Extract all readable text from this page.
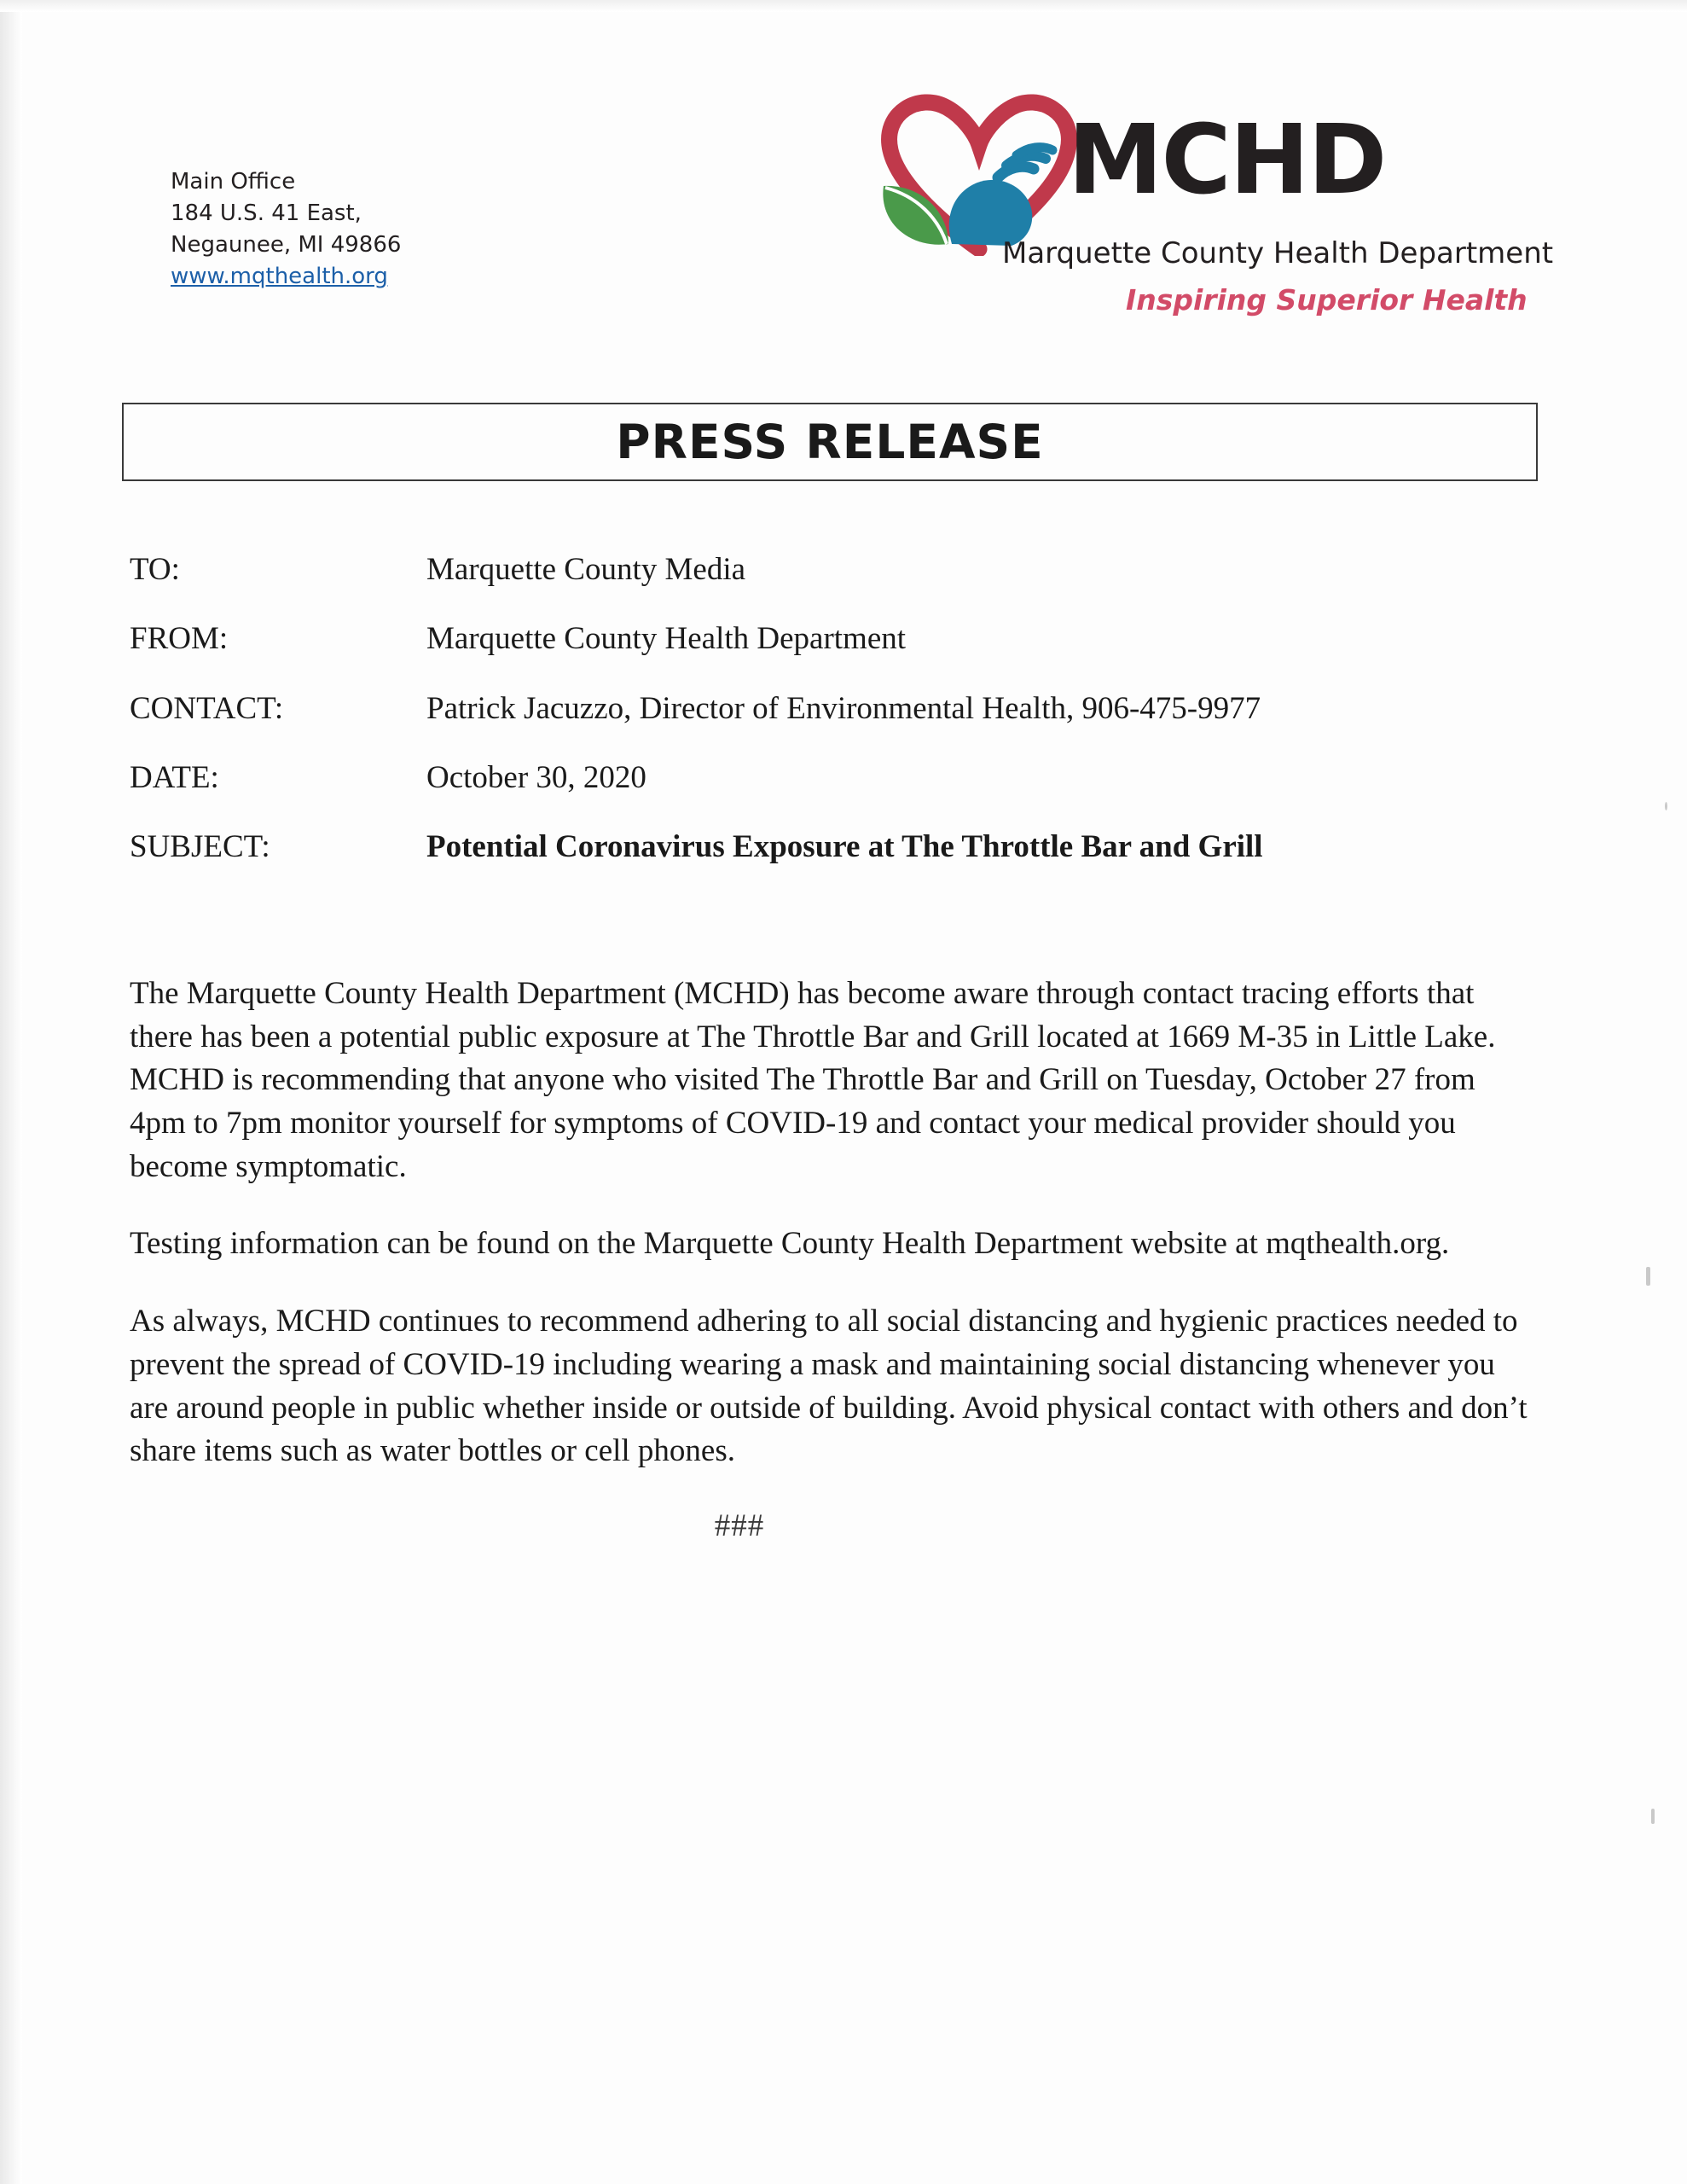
Main Office
184 U.S. 41 East,
Negaunee, MI 49866
www.mqthealth.org
MCHD
Marquette County Health Department
Inspiring Superior Health
PRESS RELEASE
TO:	Marquette County Media
FROM:	Marquette County Health Department
CONTACT:	Patrick Jacuzzo, Director of Environmental Health, 906-475-9977
DATE:	October 30, 2020
SUBJECT:	Potential Coronavirus Exposure at The Throttle Bar and Grill

The Marquette County Health Department (MCHD) has become aware through contact tracing efforts that there has been a potential public exposure at The Throttle Bar and Grill located at 1669 M-35 in Little Lake. MCHD is recommending that anyone who visited The Throttle Bar and Grill on Tuesday, October 27 from 4pm to 7pm monitor yourself for symptoms of COVID-19 and contact your medical provider should you become symptomatic.

Testing information can be found on the Marquette County Health Department website at mqthealth.org.

As always, MCHD continues to recommend adhering to all social distancing and hygienic practices needed to prevent the spread of COVID-19 including wearing a mask and maintaining social distancing whenever you are around people in public whether inside or outside of building. Avoid physical contact with others and don’t share items such as water bottles or cell phones.

###
